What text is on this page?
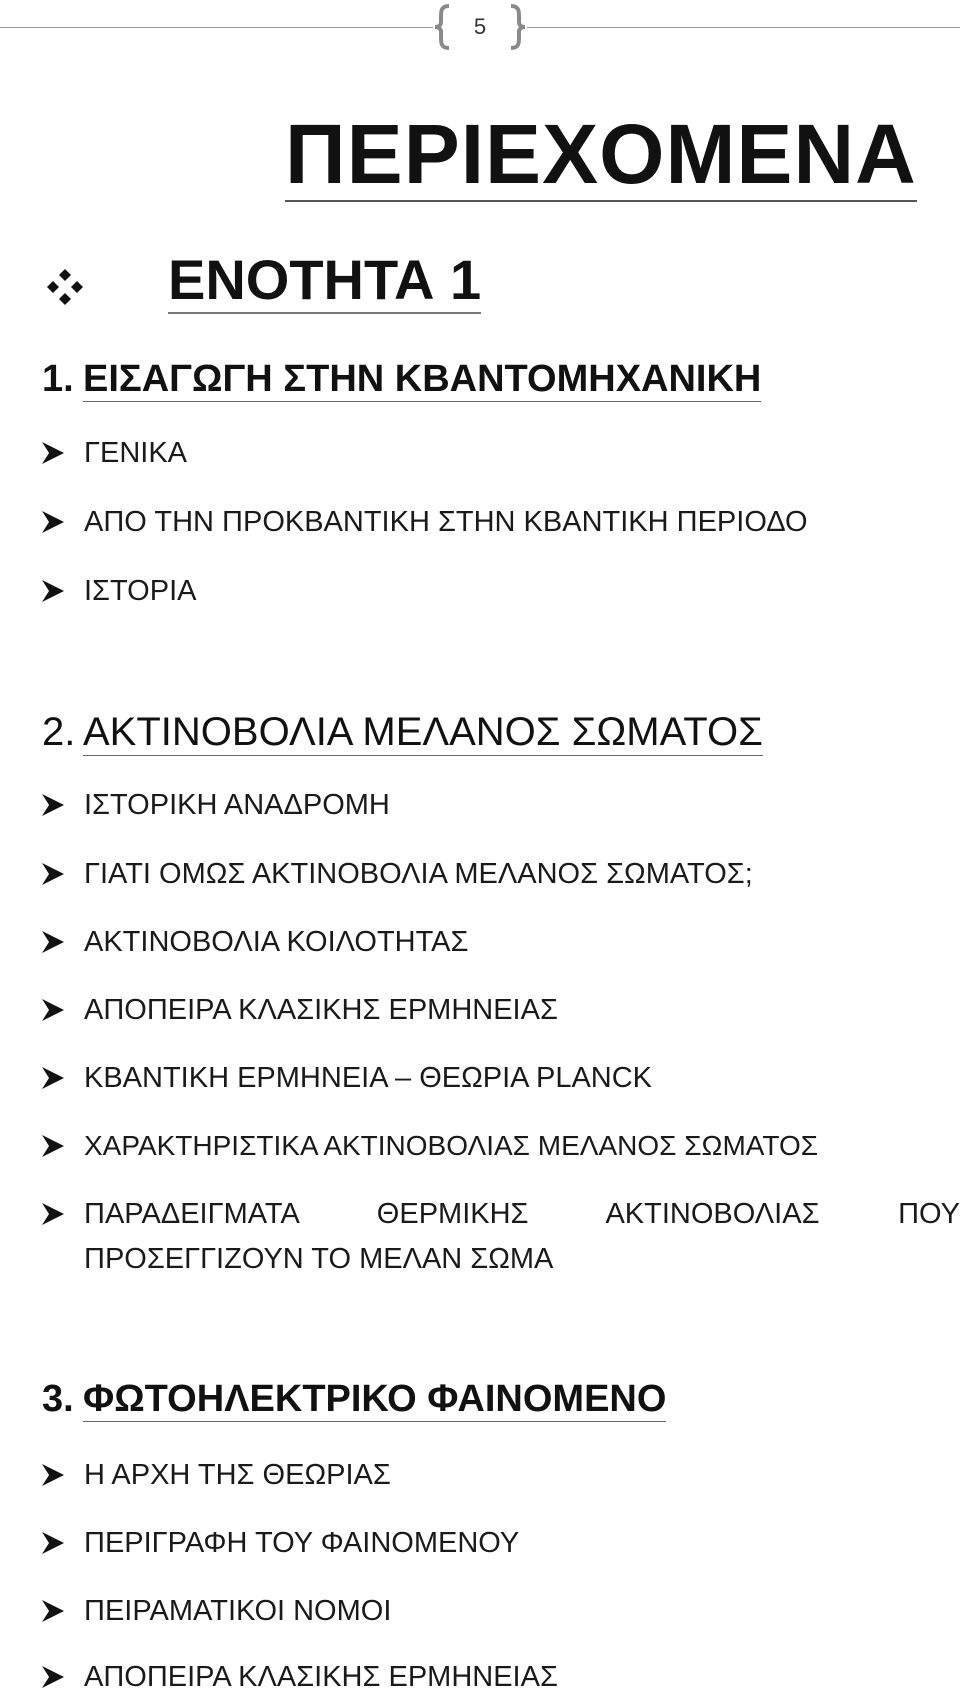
5
ΠΕΡΙΕΧΟΜΕΝΑ
ΕΝΟΤΗΤΑ 1
1. ΕΙΣΑΓΩΓΗ ΣΤΗΝ ΚΒΑΝΤΟΜΗΧΑΝΙΚΗ
ΓΕΝΙΚΑ
ΑΠΟ ΤΗΝ ΠΡΟΚΒΑΝΤΙΚΗ ΣΤΗΝ ΚΒΑΝΤΙΚΗ ΠΕΡΙΟΔΟ
ΙΣΤΟΡΙΑ
2. ΑΚΤΙΝΟΒΟΛΙΑ ΜΕΛΑΝΟΣ ΣΩΜΑΤΟΣ
ΙΣΤΟΡΙΚΗ ΑΝΑΔΡΟΜΗ
ΓΙΑΤΙ ΟΜΩΣ ΑΚΤΙΝΟΒΟΛΙΑ ΜΕΛΑΝΟΣ ΣΩΜΑΤΟΣ;
ΑΚΤΙΝΟΒΟΛΙΑ ΚΟΙΛΟΤΗΤΑΣ
ΑΠΟΠΕΙΡΑ ΚΛΑΣΙΚΗΣ ΕΡΜΗΝΕΙΑΣ
ΚΒΑΝΤΙΚΗ ΕΡΜΗΝΕΙΑ – ΘΕΩΡΙΑ PLANCK
ΧΑΡΑΚΤΗΡΙΣΤΙΚΑ ΑΚΤΙΝΟΒΟΛΙΑΣ ΜΕΛΑΝΟΣ ΣΩΜΑΤΟΣ
ΠΑΡΑΔΕΙΓΜΑΤΑ ΘΕΡΜΙΚΗΣ ΑΚΤΙΝΟΒΟΛΙΑΣ ΠΟΥ
ΠΡΟΣΕΓΓΙΖΟΥΝ ΤΟ ΜΕΛΑΝ ΣΩΜΑ
3. ΦΩΤΟΗΛΕΚΤΡΙΚΟ ΦΑΙΝΟΜΕΝΟ
Η ΑΡΧΗ ΤΗΣ ΘΕΩΡΙΑΣ
ΠΕΡΙΓΡΑΦΗ ΤΟΥ ΦΑΙΝΟΜΕΝΟΥ
ΠΕΙΡΑΜΑΤΙΚΟΙ ΝΟΜΟΙ
ΑΠΟΠΕΙΡΑ ΚΛΑΣΙΚΗΣ ΕΡΜΗΝΕΙΑΣ
